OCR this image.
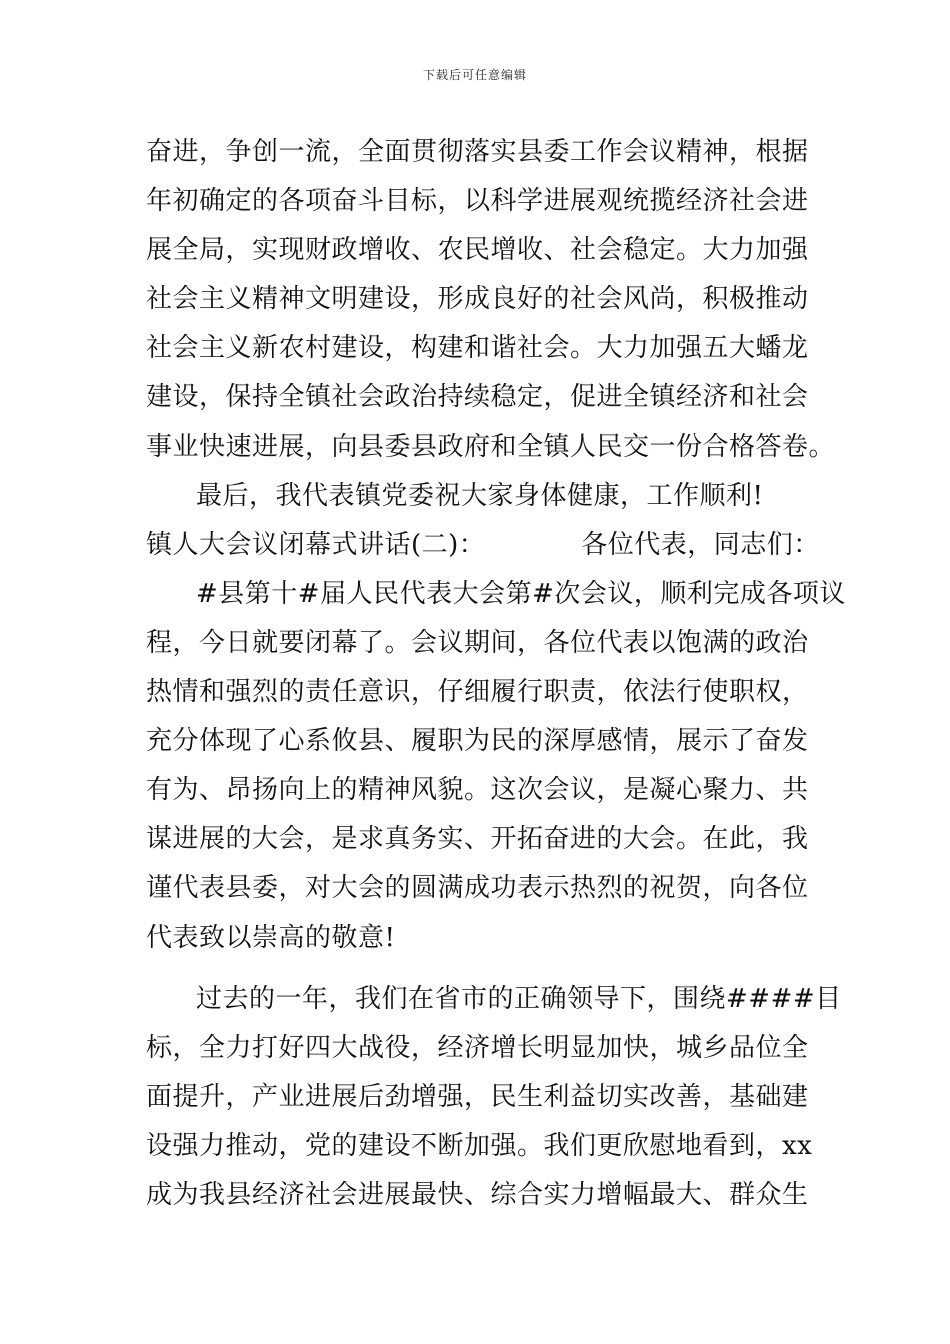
下载后可任意编辑
奋进，争创一流，全面贯彻落实县委工作会议精神，根据
年初确定的各项奋斗目标，以科学进展观统揽经济社会进
展全局，实现财政增收、农民增收、社会稳定。大力加强
社会主义精神文明建设，形成良好的社会风尚，积极推动
社会主义新农村建设，构建和谐社会。大力加强五大蟠龙
建设，保持全镇社会政治持续稳定，促进全镇经济和社会
事业快速进展，向县委县政府和全镇人民交一份合格答卷。
最后，我代表镇党委祝大家身体健康，工作顺利!
镇人大会议闭幕式讲话(二)：	各位代表，同志们：
#县第十#届人民代表大会第#次会议，顺利完成各项议
程，今日就要闭幕了。会议期间，各位代表以饱满的政治
热情和强烈的责任意识，仔细履行职责，依法行使职权，
充分体现了心系攸县、履职为民的深厚感情，展示了奋发
有为、昂扬向上的精神风貌。这次会议，是凝心聚力、共
谋进展的大会，是求真务实、开拓奋进的大会。在此，我
谨代表县委，对大会的圆满成功表示热烈的祝贺，向各位
代表致以崇高的敬意!
过去的一年，我们在省市的正确领导下，围绕####目
标，全力打好四大战役，经济增长明显加快，城乡品位全
面提升，产业进展后劲增强，民生利益切实改善，基础建
设强力推动，党的建设不断加强。我们更欣慰地看到，xx
成为我县经济社会进展最快、综合实力增幅最大、群众生
